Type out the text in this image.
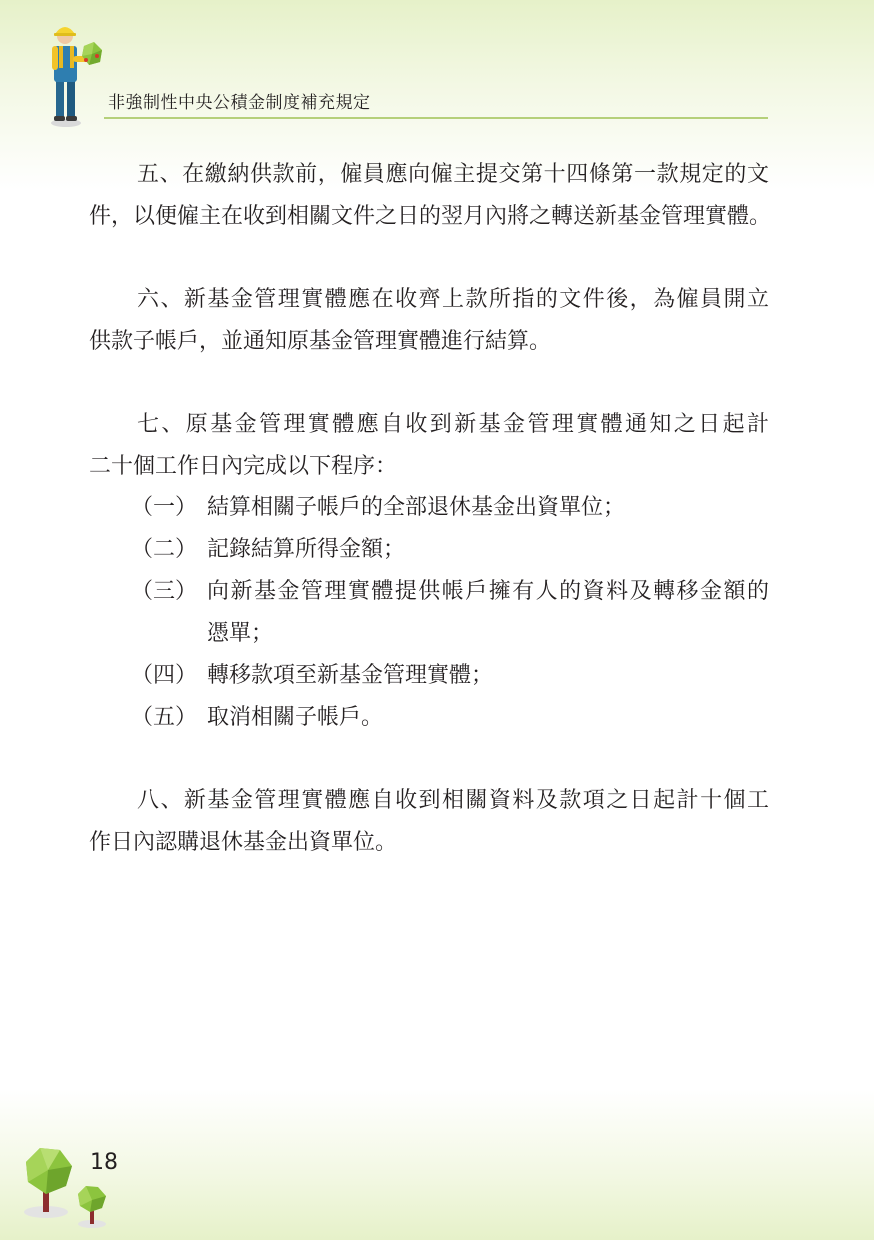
非強制性中央公積金制度補充規定
五、在繳納供款前，僱員應向僱主提交第十四條第一款規定的文
件，以便僱主在收到相關文件之日的翌月內將之轉送新基金管理實體。
六、新基金管理實體應在收齊上款所指的文件後，為僱員開立
供款子帳戶，並通知原基金管理實體進行結算。
七、原基金管理實體應自收到新基金管理實體通知之日起計
二十個工作日內完成以下程序：
（一） 結算相關子帳戶的全部退休基金出資單位；
（二） 記錄結算所得金額；
（三） 向新基金管理實體提供帳戶擁有人的資料及轉移金額的
憑單；
（四） 轉移款項至新基金管理實體；
（五） 取消相關子帳戶。
八、新基金管理實體應自收到相關資料及款項之日起計十個工
作日內認購退休基金出資單位。
18
